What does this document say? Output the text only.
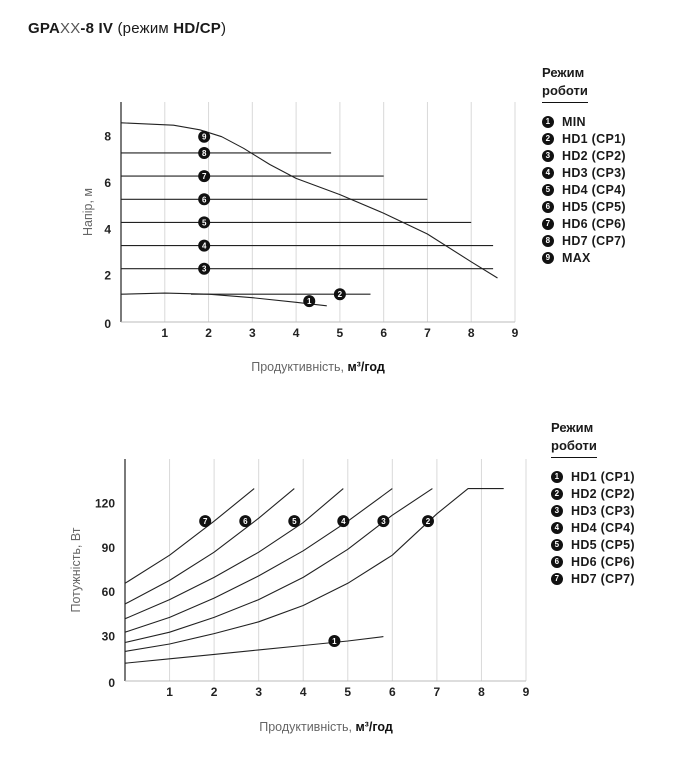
GPAXX-8 IV (режим HD/CP)
1	2	3	4	5	6	7	8	9
0
2
4
6
8
Напір, м
Продуктивність, м³/год
1
2
3
4
5
6
7
8
9
1	2	3	4	5	6	7	8	9
0
30
60
90
120
Потужність, Вт
Продуктивність, м³/год
1
2
3
4
5
6
7
Режим
роботи
1 MIN
2 HD1 (CP1)
3 HD2 (CP2)
4 HD3 (CP3)
5 HD4 (CP4)
6 HD5 (CP5)
7 HD6 (CP6)
8 HD7 (CP7)
9 MAX
Режим
роботи
1 HD1 (CP1)
2 HD2 (CP2)
3 HD3 (CP3)
4 HD4 (CP4)
5 HD5 (CP5)
6 HD6 (CP6)
7 HD7 (CP7)
